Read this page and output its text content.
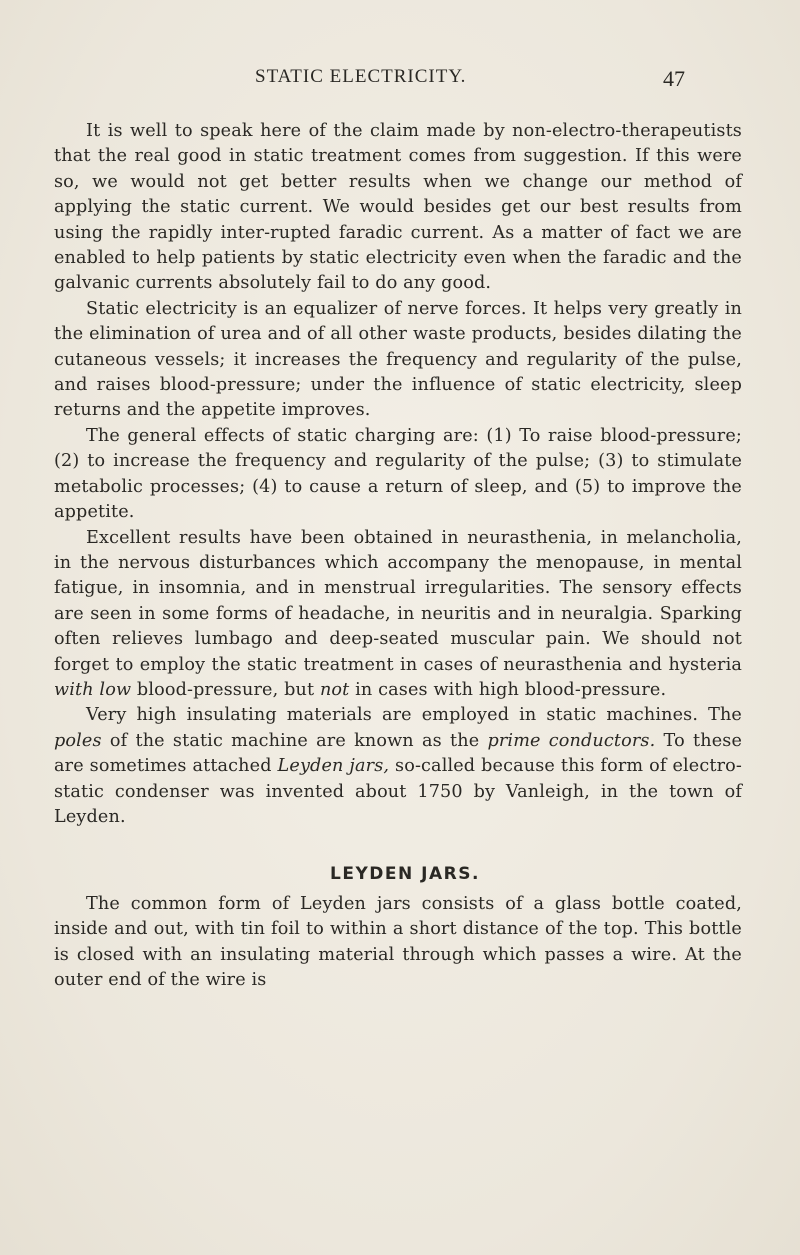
STATIC ELECTRICITY.	47

It is well to speak here of the claim made by non-electro-therapeutists that the real good in static treatment comes from suggestion. If this were so, we would not get better results when we change our method of applying the static current. We would besides get our best results from using the rapidly inter-rupted faradic current. As a matter of fact we are enabled to help patients by static electricity even when the faradic and the galvanic currents absolutely fail to do any good.

Static electricity is an equalizer of nerve forces. It helps very greatly in the elimination of urea and of all other waste products, besides dilating the cutaneous vessels; it increases the frequency and regularity of the pulse, and raises blood-pressure; under the influence of static electricity, sleep returns and the appetite improves.

The general effects of static charging are: (1) To raise blood-pressure; (2) to increase the frequency and regularity of the pulse; (3) to stimulate metabolic processes; (4) to cause a return of sleep, and (5) to improve the appetite.

Excellent results have been obtained in neurasthenia, in melancholia, in the nervous disturbances which accompany the menopause, in mental fatigue, in insomnia, and in menstrual irregularities. The sensory effects are seen in some forms of headache, in neuritis and in neuralgia. Sparking often relieves lumbago and deep-seated muscular pain. We should not forget to employ the static treatment in cases of neurasthenia and hysteria with low blood-pressure, but not in cases with high blood-pressure.

Very high insulating materials are employed in static machines. The poles of the static machine are known as the prime conductors. To these are sometimes attached Leyden jars, so-called because this form of electro-static condenser was invented about 1750 by Vanleigh, in the town of Leyden.

LEYDEN JARS.

The common form of Leyden jars consists of a glass bottle coated, inside and out, with tin foil to within a short distance of the top. This bottle is closed with an insulating material through which passes a wire. At the outer end of the wire is
